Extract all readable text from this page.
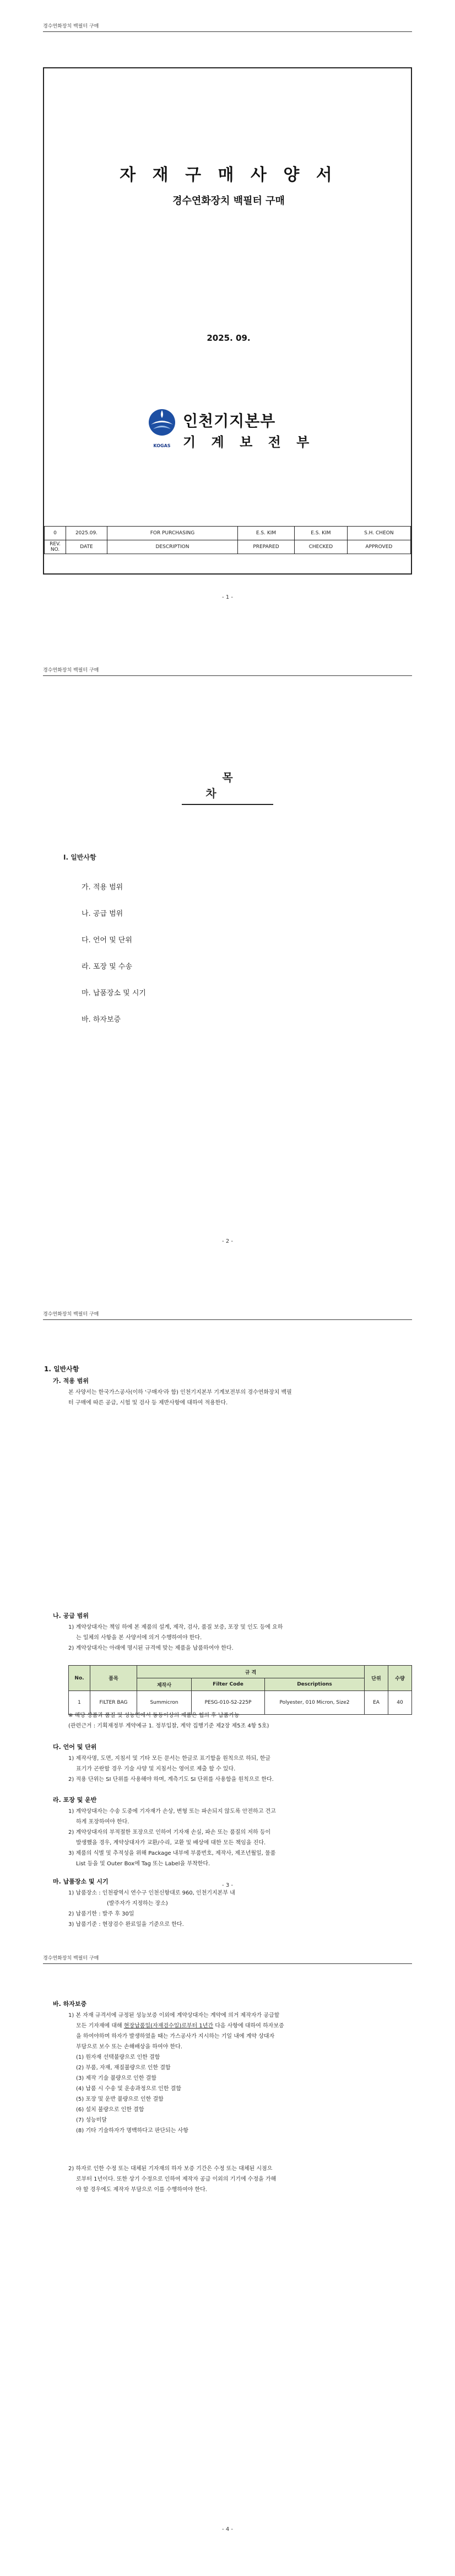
경수연화장치 백필터 구매
자 재 구 매 사 양 서
경수연화장치 백필터 구매
2025. 09.
KOGAS
인천기지본부
기 계 보 전 부
0	2025.09.	FOR PURCHASING	E.S. KIM	E.S. KIM	S.H. CHEON
REV. NO.	DATE	DESCRIPTION	PREPARED	CHECKED	APPROVED
- 1 -
경수연화장치 백필터 구매
목 차
I. 일반사항
가. 적용 범위
나. 공급 범위
다. 언어 및 단위
라. 포장 및 수송
마. 납품장소 및 시기
바. 하자보증
- 2 -
경수연화장치 백필터 구매
- 3 -
1. 일반사항
가. 적용 범위
본 사양서는 한국가스공사(이하 '구매자'라 함) 인천기지본부 기계보전부의 경수연화장치 백필
터 구매에 따른 공급, 시험 및 검사 등 제반사항에 대하여 적용한다.
나. 공급 범위
1) 계약상대자는 책임 하에 본 제품의 설계, 제작, 검사, 품질 보증, 포장 및 인도 등에 요하
는 일체의 사항을 본 사양서에 의거 수행하여야 한다.
2) 계약상대자는 아래에 명시된 규격에 맞는 제품을 납품하여야 한다.
No.	품목	규 격			단위	수량
		제작사	Filter Code	Descriptions		
1	FILTER BAG	Summicron	PESG-010-S2-225P	Polyester, 010 Micron, Size2	EA	40
※ 해당 상품과 품질 및 성능면에서 동등이상의 제품은 협의 후 납품가능
(관련근거 : 기획재정부 계약예규 1. 정부입찰, 계약 집행기준 제2장 제5조 4항 5호)
다. 언어 및 단위
1) 제작사명, 도면, 지침서 및 기타 모든 문서는 한글로 표기함을 원칙으로 하되, 한글
표기가 곤란할 경우 기술 사양 및 지침서는 영어로 제출 할 수 있다.
2) 적용 단위는 SI 단위를 사용해야 하며, 계측기도 SI 단위를 사용함을 원칙으로 한다.
라. 포장 및 운반
1) 계약상대자는 수송 도중에 기자재가 손상, 변형 또는 파손되지 않도록 안전하고 견고
하게 포장하여야 한다.
2) 계약상대자의 부적절한 포장으로 인하여 기자재 손실, 파손 또는 품질의 저하 등이
발생했을 경우, 계약상대자가 교환/수리, 교환 및 배상에 대한 모든 책임을 진다.
3) 제품의 식별 및 추적성을 위해 Package 내부에 부품번호, 제작사, 제조년월일, 물품
List 등을 및 Outer Box에 Tag 또는 Label을 부착한다.
마. 납품장소 및 시기
1) 납품장소 : 인천광역시 연수구 인천신항대로 960, 인천기지본부 내
(발주자가 지정하는 장소)
2) 납품기한 : 발주 후 30일
3) 납품기준 : 현장검수 완료일을 기준으로 한다.
경수연화장치 백필터 구매
- 4 -
바. 하자보증
1) 본 자재 규격서에 규정된 성능보증 이외에 계약상대자는 계약에 의거 제작자가 공급할
모든 기자재에 대해 현장납품일(자재검수일)로부터 1년간 다음 사항에 대하여 하자보증
을 하여야하며 하자가 발생하였을 때는 가스공사가 지시하는 기일 내에 계약 상대자
부담으로 보수 또는 손해배상을 하여야 한다.
(1) 원자재 선택불량으로 인한 결함
(2) 부품, 자재, 재질불량으로 인한 결함
(3) 제작 기술 불량으로 인한 결함
(4) 납품 시 수송 및 운송과정으로 인한 결함
(5) 포장 및 운반 불량으로 인한 결함
(6) 설치 불량으로 인한 결함
(7) 성능미달
(8) 기타 기술하자가 명백하다고 판단되는 사항
2) 하자로 인한 수정 또는 대체된 기자재의 하자 보증 기간은 수정 또는 대체된 시점으
로부터 1년이다. 또한 상기 수정으로 인하여 제작자 공급 이외의 기기에 수정을 가해
야 할 경우에도 제작자 부담으로 이를 수행하여야 한다.
